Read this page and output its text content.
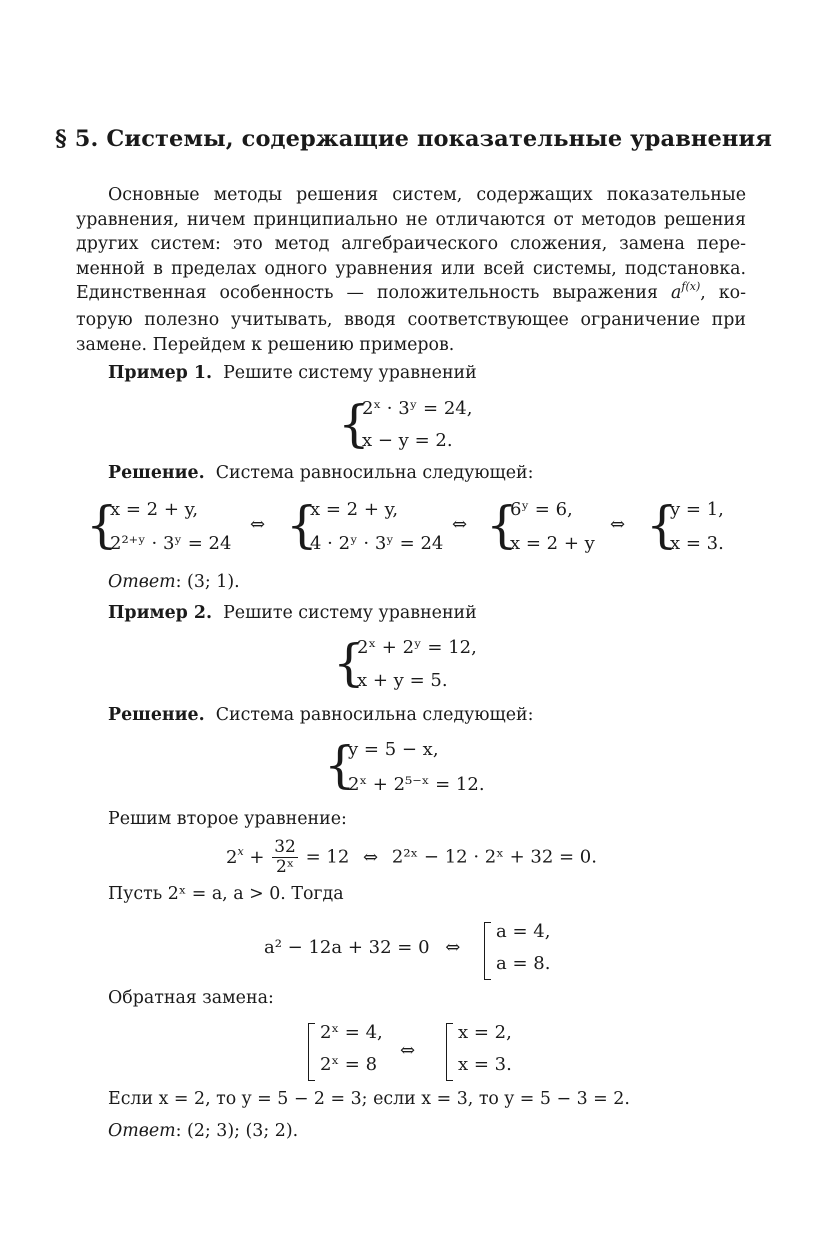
§ 5. Системы, содержащие показательные уравнения
Основные методы решения систем, содержащих показательные
уравнения, ничем принципиально не отличаются от методов решения
других систем: это метод алгебраического сложения, замена пере-
менной в пределах одного уравнения или всей системы, подстановка.
Единственная особенность — положительность выражения $a^{f(x)}$, ко-
торую полезно учитывать, вводя соответствующее ограничение при
замене. Перейдем к решению примеров.
Пример 1. Решите систему уравнений
{
2ˣ · 3ʸ = 24,
x − y = 2.
Решение. Система равносильна следующей:
{
x = 2 + y,
2²⁺ʸ · 3ʸ = 24
⇔ {
x = 2 + y,
4 · 2ʸ · 3ʸ = 24
⇔ {
6ʸ = 6,
x = 2 + y
⇔ {
y = 1,
x = 3.
Ответ: (3; 1).
Пример 2. Решите систему уравнений
{
2ˣ + 2ʸ = 12,
x + y = 5.
Решение. Система равносильна следующей:
{
y = 5 − x,
2ˣ + 2⁵⁻ˣ = 12.
Решим второе уравнение:
$2^x + \frac{32}{\text{2ˣ}} = 12$ ⇔ 2²ˣ − 12 · 2ˣ + 32 = 0.
Пусть 2ˣ = a, a > 0. Тогда
a² − 12a + 32 = 0 ⇔
a = 4,
a = 8.
Обратная замена:
2ˣ = 4,
2ˣ = 8
⇔
x = 2,
x = 3.
Если x = 2, то y = 5 − 2 = 3; если x = 3, то y = 5 − 3 = 2.
Ответ: (2; 3); (3; 2).
